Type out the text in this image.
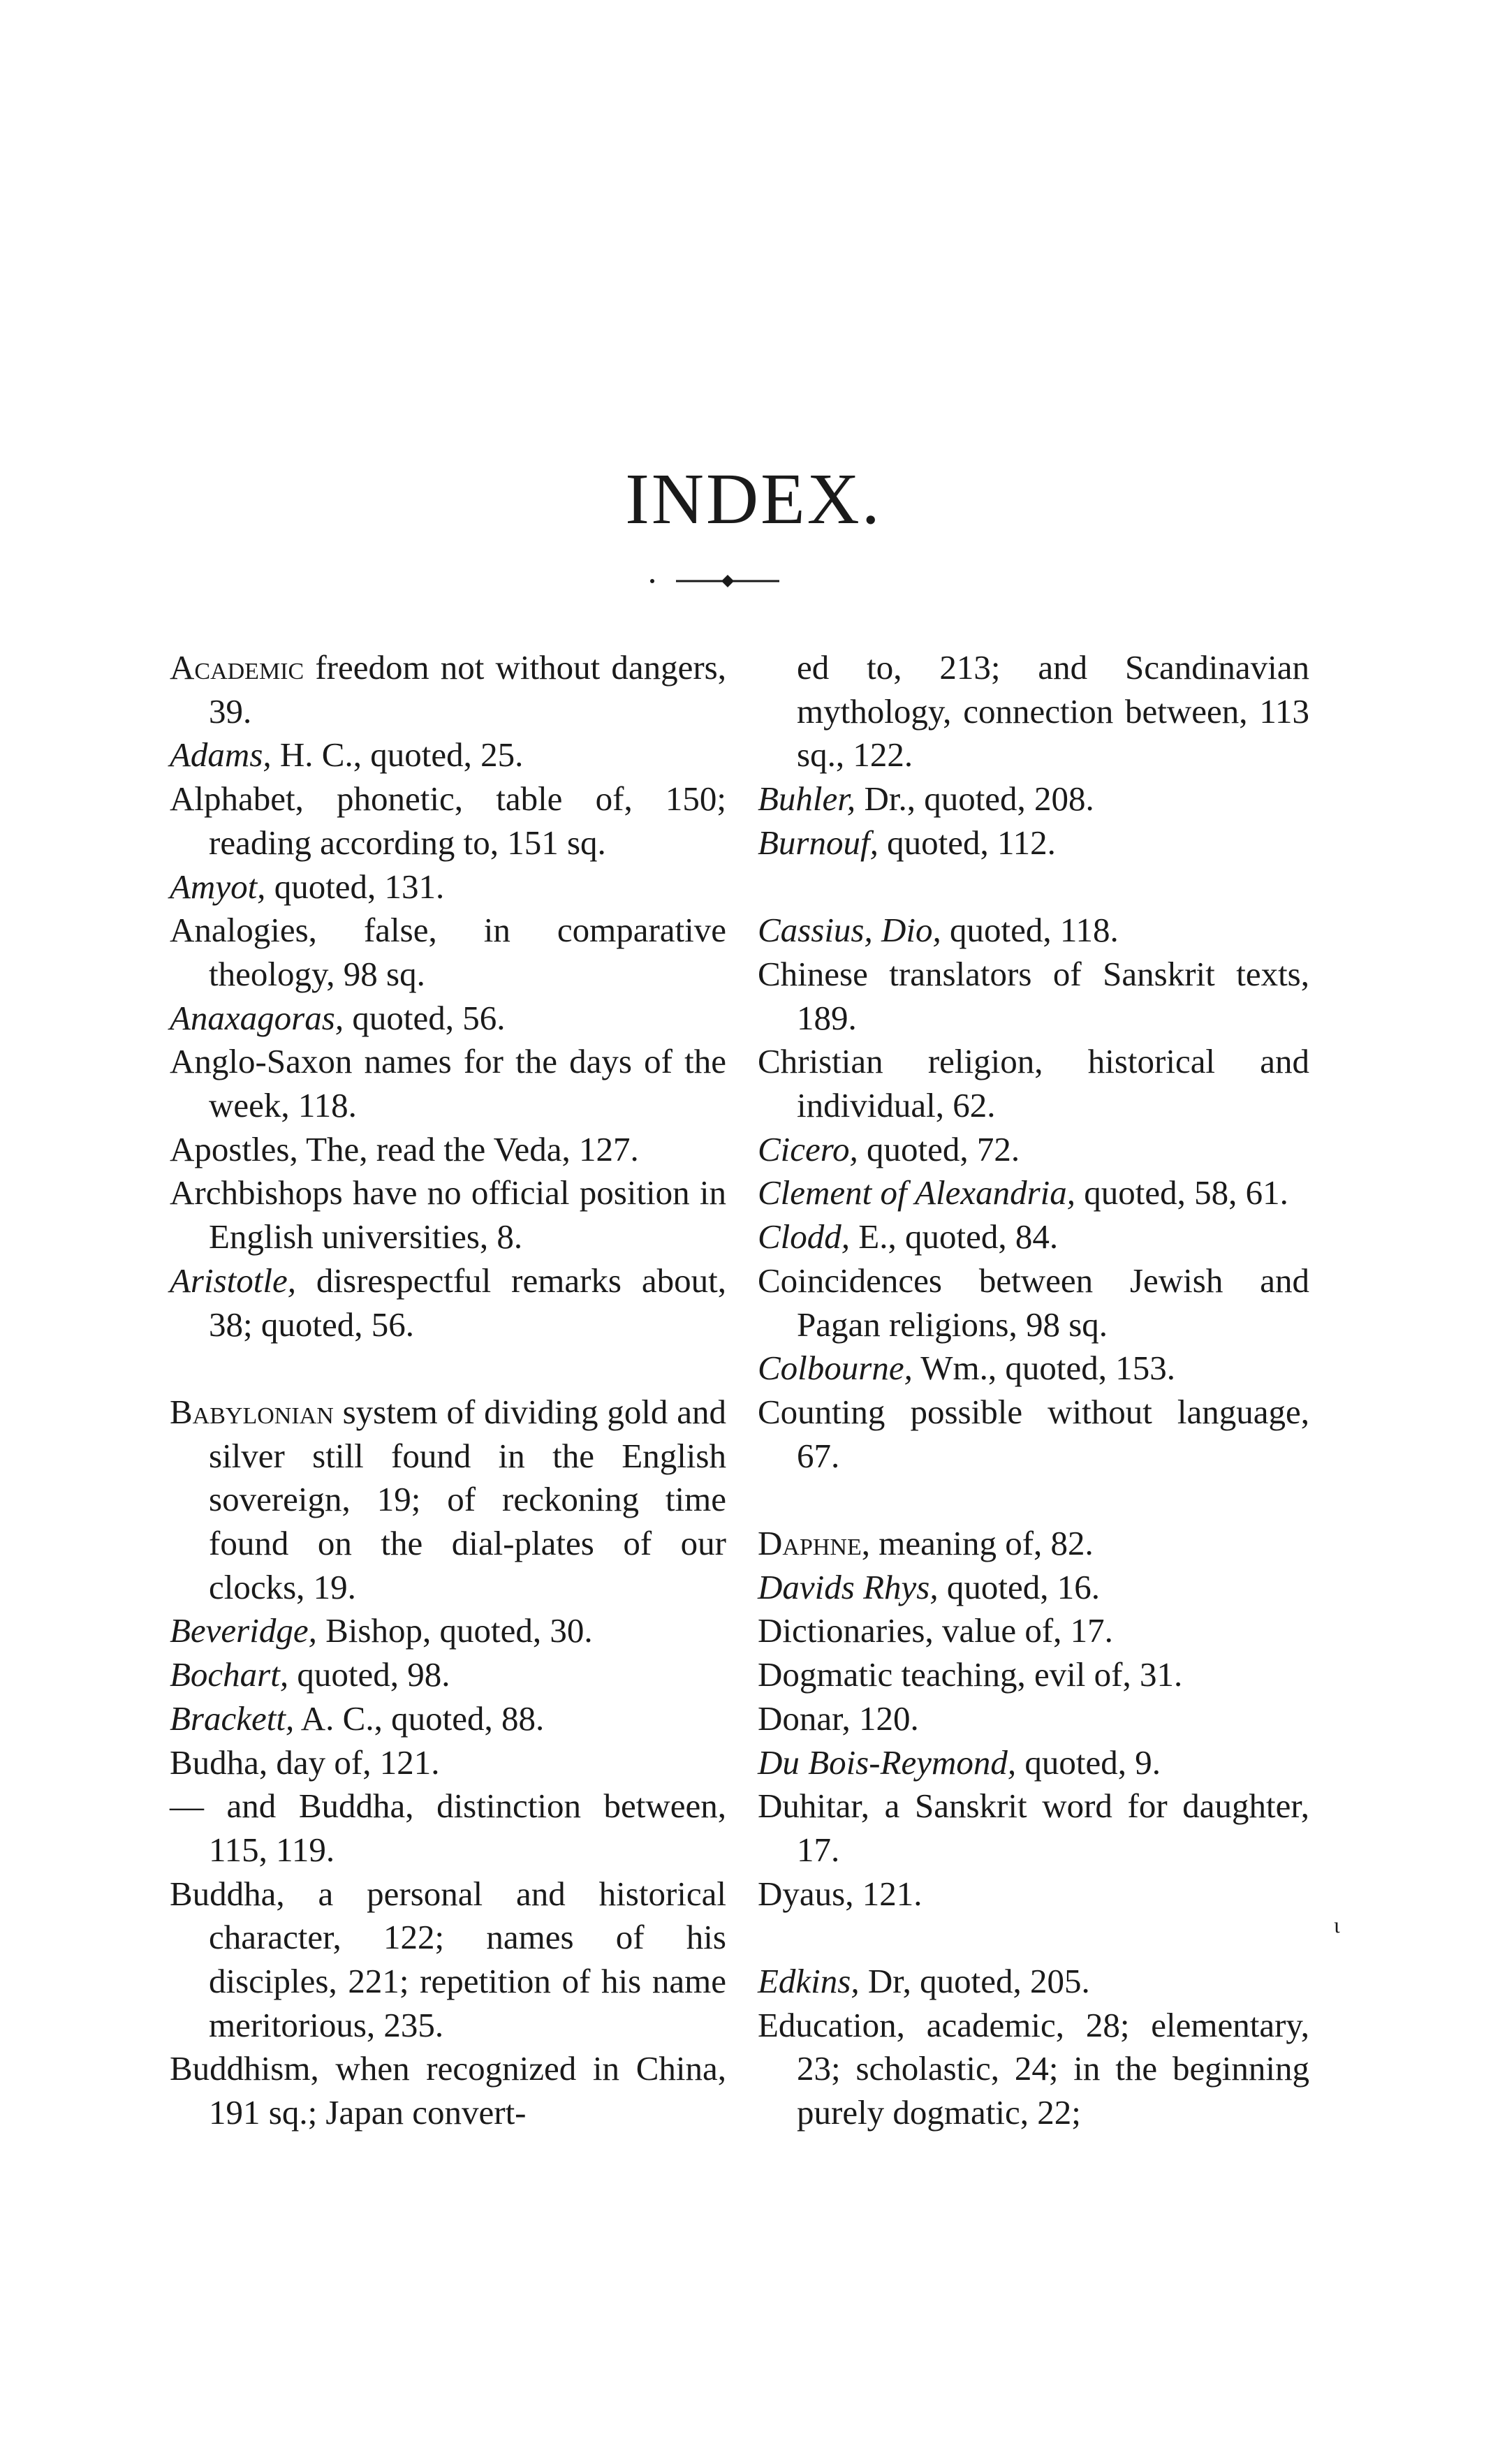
INDEX.

Academic freedom not without dangers, 39.

Adams, H. C., quoted, 25.

Alphabet, phonetic, table of, 150; reading according to, 151 sq.

Amyot, quoted, 131.

Analogies, false, in comparative theology, 98 sq.

Anaxagoras, quoted, 56.

Anglo-Saxon names for the days of the week, 118.

Apostles, The, read the Veda, 127.

Archbishops have no official position in English universities, 8.

Aristotle, disrespectful remarks about, 38; quoted, 56.

Babylonian system of dividing gold and silver still found in the English sovereign, 19; of reckoning time found on the dial-plates of our clocks, 19.

Beveridge, Bishop, quoted, 30.

Bochart, quoted, 98.

Brackett, A. C., quoted, 88.

Budha, day of, 121.

— and Buddha, distinction between, 115, 119.

Buddha, a personal and historical character, 122; names of his disciples, 221; repetition of his name meritorious, 235.

Buddhism, when recognized in China, 191 sq.; Japan convert-

ed to, 213; and Scandinavian mythology, connection between, 113 sq., 122.

Buhler, Dr., quoted, 208.

Burnouf, quoted, 112.

Cassius, Dio, quoted, 118.

Chinese translators of Sanskrit texts, 189.

Christian religion, historical and individual, 62.

Cicero, quoted, 72.

Clement of Alexandria, quoted, 58, 61.

Clodd, E., quoted, 84.

Coincidences between Jewish and Pagan religions, 98 sq.

Colbourne, Wm., quoted, 153.

Counting possible without language, 67.

Daphne, meaning of, 82.

Davids Rhys, quoted, 16.

Dictionaries, value of, 17.

Dogmatic teaching, evil of, 31.

Donar, 120.

Du Bois-Reymond, quoted, 9.

Duhitar, a Sanskrit word for daughter, 17.

Dyaus, 121.

Edkins, Dr, quoted, 205.

Education, academic, 28; elementary, 23; scholastic, 24; in the beginning purely dogmatic, 22;

ι
